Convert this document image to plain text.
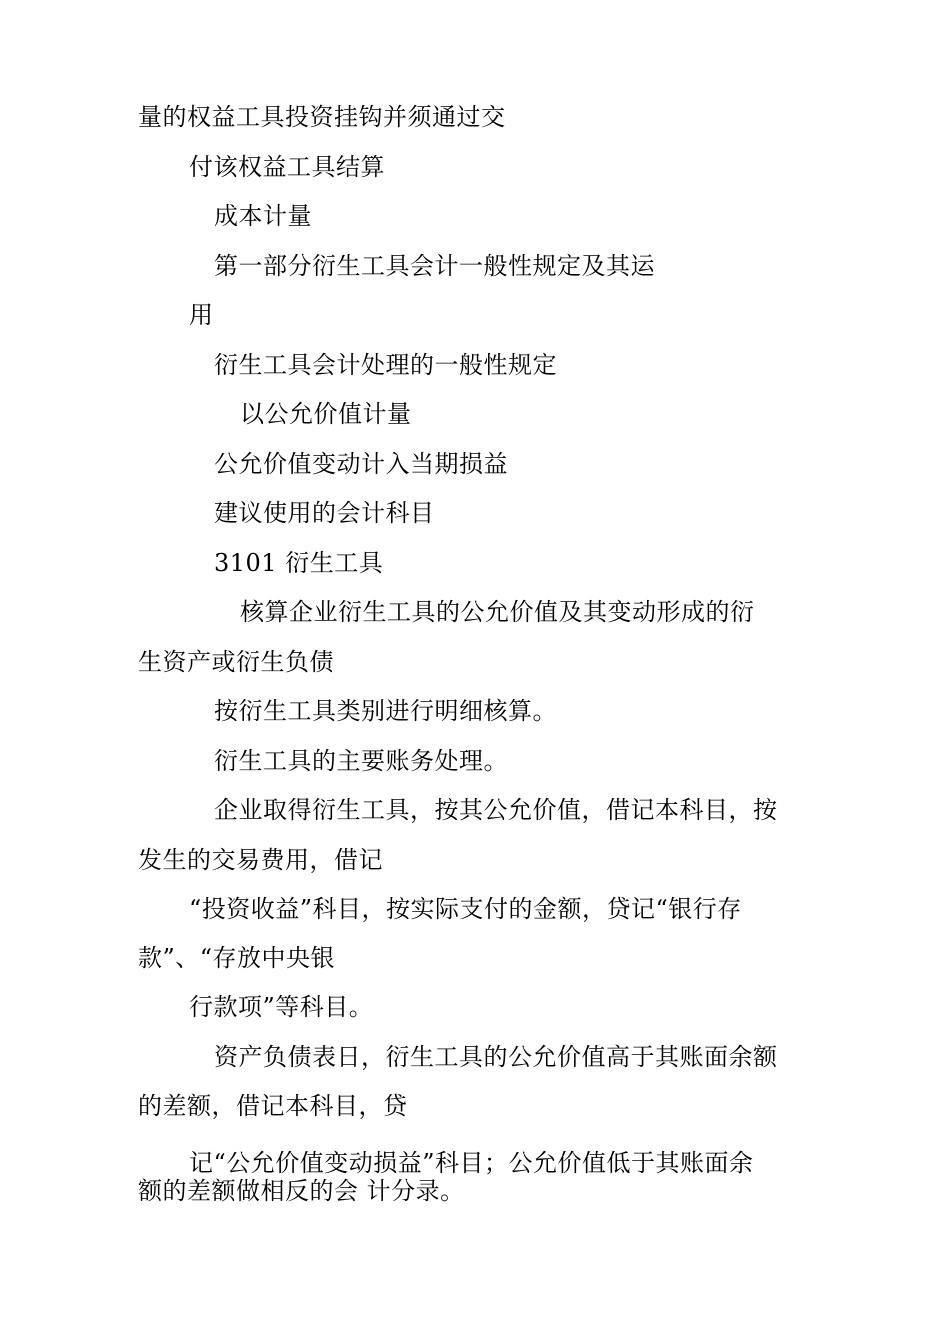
量的权益工具投资挂钩并须通过交
付该权益工具结算
成本计量
第一部分衍生工具会计一般性规定及其运
用
衍生工具会计处理的一般性规定
以公允价值计量
公允价值变动计入当期损益
建议使用的会计科目
3101 衍生工具
核算企业衍生工具的公允价值及其变动形成的衍
生资产或衍生负债
按衍生工具类别进行明细核算。
衍生工具的主要账务处理。
企业取得衍生工具，按其公允价值，借记本科目，按
发生的交易费用，借记
“投资收益”科目，按实际支付的金额，贷记“银行存
款”、“存放中央银
行款项”等科目。
资产负债表日，衍生工具的公允价值高于其账面余额
的差额，借记本科目，贷
记“公允价值变动损益”科目；公允价值低于其账面余
额的差额做相反的会 计分录。
